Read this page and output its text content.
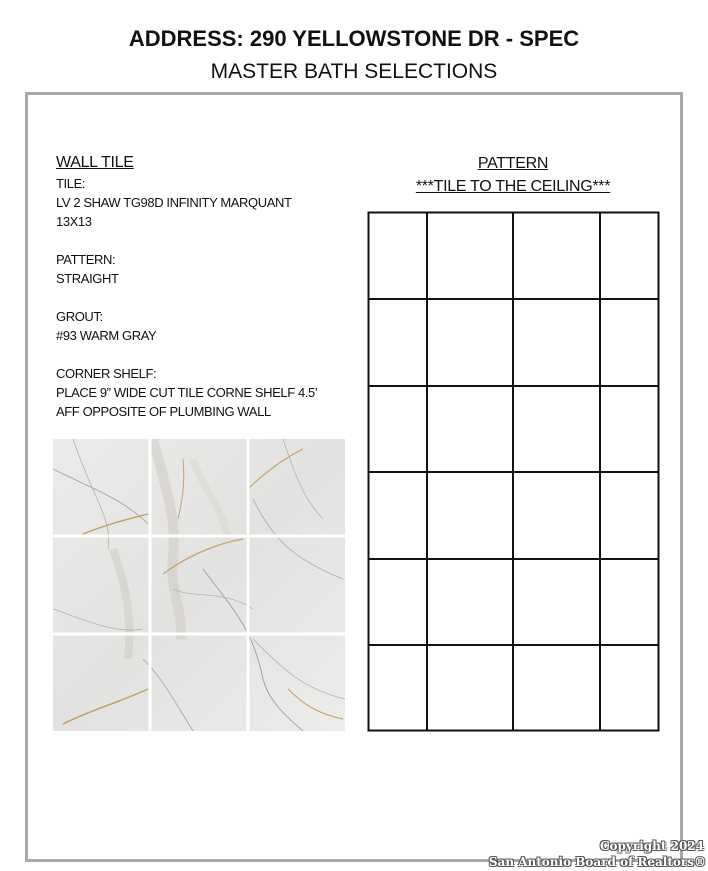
ADDRESS: 290 YELLOWSTONE DR - SPEC
MASTER BATH SELECTIONS
WALL TILE
TILE:
LV 2 SHAW TG98D INFINITY MARQUANT
13X13
PATTERN:
STRAIGHT
GROUT:
#93 WARM GRAY
CORNER SHELF:
PLACE 9” WIDE CUT TILE CORNE SHELF 4.5’
AFF OPPOSITE OF PLUMBING WALL
PATTERN
***TILE TO THE CEILING***
Copyright 2024
San Antonio Board of Realtors®
